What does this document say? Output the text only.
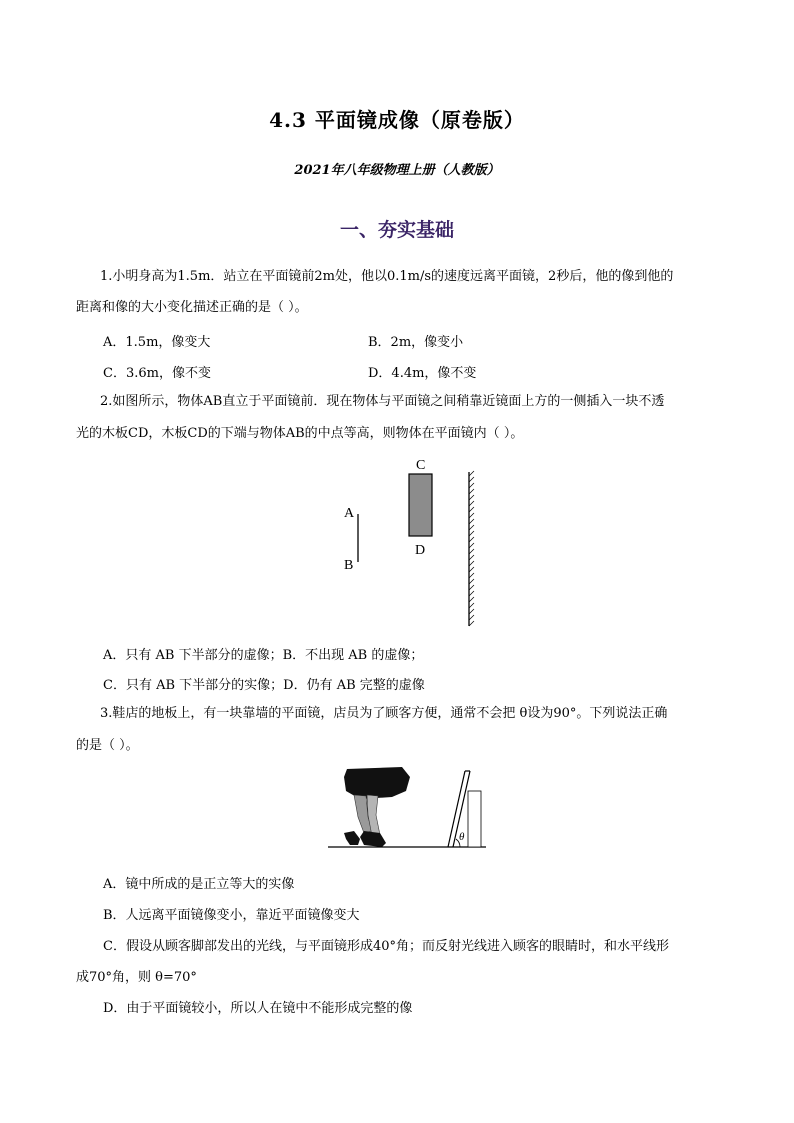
4.3 平面镜成像（原卷版）
2021年八年级物理上册（人教版）
一、夯实基础
1.小明身高为1.5m．站立在平面镜前2m处，他以0.1m/s的速度远离平面镜，2秒后，他的像到他的
距离和像的大小变化描述正确的是（ ）。
A．1.5m，像变大	B．2m，像变小
C．3.6m，像不变	D．4.4m，像不变
2.如图所示，物体AB直立于平面镜前．现在物体与平面镜之间稍靠近镜面上方的一侧插入一块不透
光的木板CD，木板CD的下端与物体AB的中点等高，则物体在平面镜内（ ）。
A
B
C
D
A．只有 AB 下半部分的虚像；B．不出现 AB 的虚像；
C．只有 AB 下半部分的实像；D．仍有 AB 完整的虚像
3.鞋店的地板上，有一块靠墙的平面镜，店员为了顾客方便，通常不会把 θ设为90°。下列说法正确
的是（ ）。
θ
A．镜中所成的是正立等大的实像
B．人远离平面镜像变小，靠近平面镜像变大
C．假设从顾客脚部发出的光线，与平面镜形成40°角；而反射光线进入顾客的眼睛时，和水平线形
成70°角，则 θ=70°
D．由于平面镜较小，所以人在镜中不能形成完整的像
